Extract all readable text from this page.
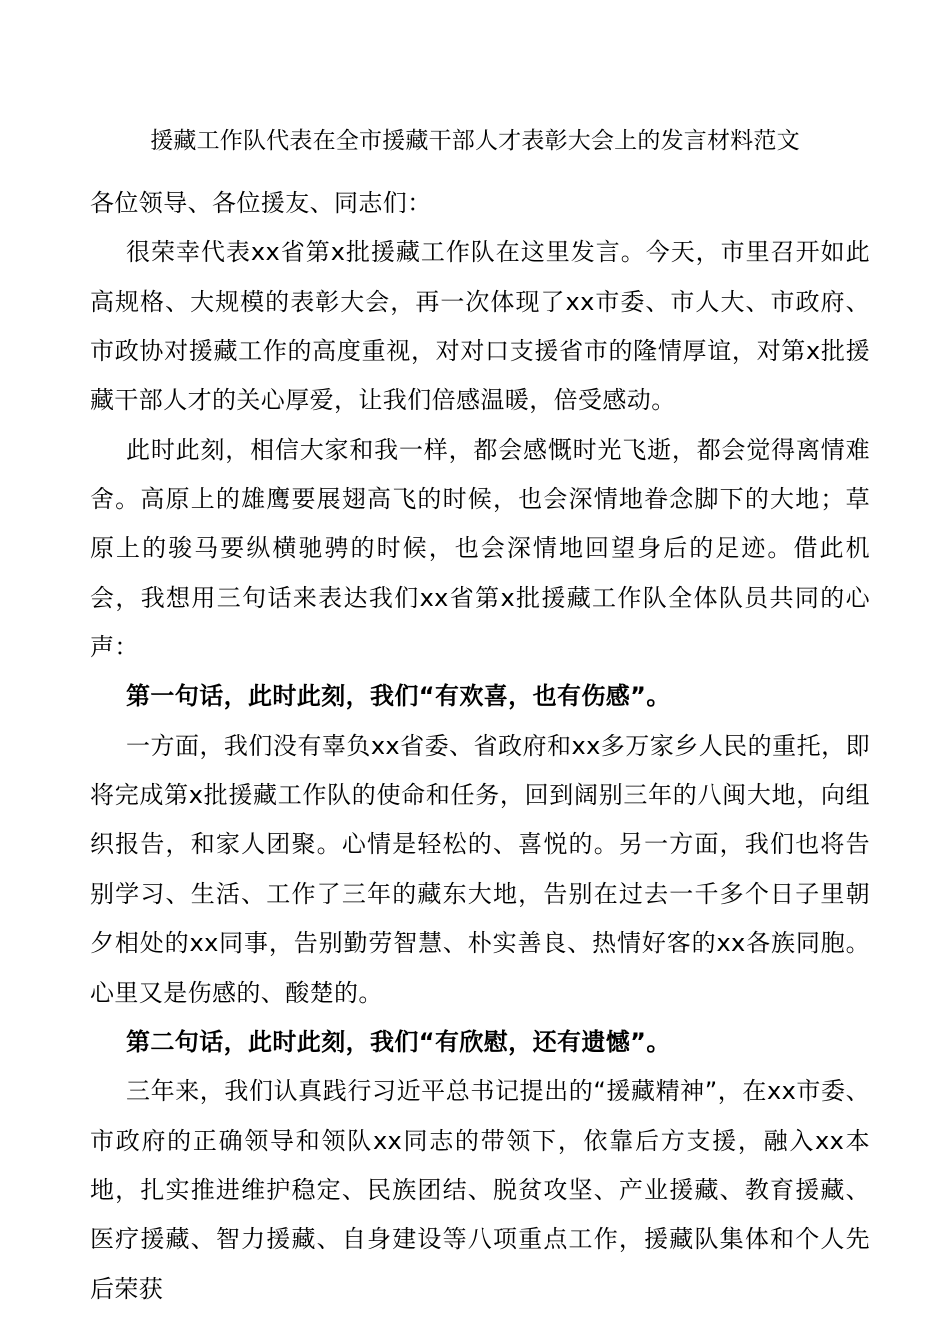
援藏工作队代表在全市援藏干部人才表彰大会上的发言材料范文

各位领导、各位援友、同志们：

很荣幸代表xx省第x批援藏工作队在这里发言。今天，市里召开如此高规格、大规模的表彰大会，再一次体现了xx市委、市人大、市政府、市政协对援藏工作的高度重视，对对口支援省市的隆情厚谊，对第x批援藏干部人才的关心厚爱，让我们倍感温暖，倍受感动。

此时此刻，相信大家和我一样，都会感慨时光飞逝，都会觉得离情难舍。高原上的雄鹰要展翅高飞的时候，也会深情地眷念脚下的大地；草原上的骏马要纵横驰骋的时候，也会深情地回望身后的足迹。借此机会，我想用三句话来表达我们xx省第x批援藏工作队全体队员共同的心声：

第一句话，此时此刻，我们“有欢喜，也有伤感”。

一方面，我们没有辜负xx省委、省政府和xx多万家乡人民的重托，即将完成第x批援藏工作队的使命和任务，回到阔别三年的八闽大地，向组织报告，和家人团聚。心情是轻松的、喜悦的。另一方面，我们也将告别学习、生活、工作了三年的藏东大地，告别在过去一千多个日子里朝夕相处的xx同事，告别勤劳智慧、朴实善良、热情好客的xx各族同胞。心里又是伤感的、酸楚的。

第二句话，此时此刻，我们“有欣慰，还有遗憾”。

三年来，我们认真践行习近平总书记提出的“援藏精神”，在xx市委、市政府的正确领导和领队xx同志的带领下，依靠后方支援，融入xx本地，扎实推进维护稳定、民族团结、脱贫攻坚、产业援藏、教育援藏、医疗援藏、智力援藏、自身建设等八项重点工作，援藏队集体和个人先后荣获
